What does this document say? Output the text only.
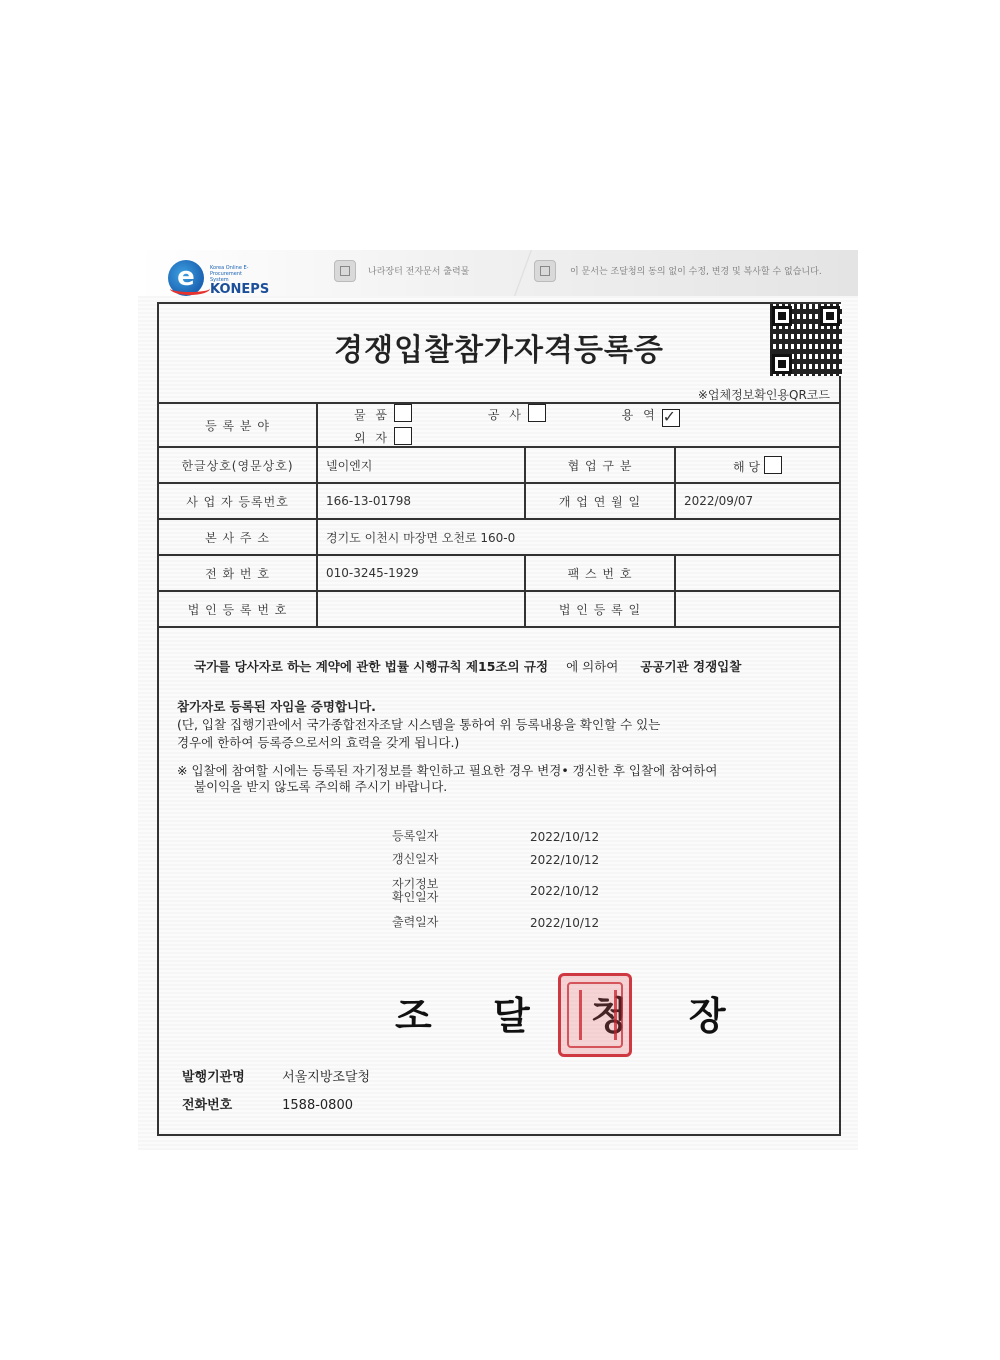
e	Korea Online E-Procurement System
KONEPS
나라장터 전자문서 출력물	이 문서는 조달청의 동의 없이 수정, 변경 및 복사할 수 없습니다.
경쟁입찰참가자격등록증
※업체정보확인용QR코드
등 록 분 야	물 품 공 사 용 역 ✓ 외 자		
한글상호(영문상호)	넬이엔지	협 업 구 분	해 당
사 업 자 등록번호	166-13-01798	개 업 연 월 일	2022/09/07
본 사 주 소	경기도 이천시 마장면 오천로 160-0		
전 화 번 호	010-3245-1929	팩 스 번 호	
법 인 등 록 번 호		법 인 등 록 일	
국가를 당사자로 하는 계약에 관한 법률 시행규칙 제15조의 규정 에 의하여 공공기관 경쟁입찰
참가자로 등록된 자임을 증명합니다.
(단, 입찰 집행기관에서 국가종합전자조달 시스템을 통하여 위 등록내용을 확인할 수 있는
경우에 한하여 등록증으로서의 효력을 갖게 됩니다.)
※ 입찰에 참여할 시에는 등록된 자기정보를 확인하고 필요한 경우 변경• 갱신한 후 입찰에 참여하여
불이익을 받지 않도록 주의해 주시기 바랍니다.
등록일자	2022/10/12
갱신일자	2022/10/12
자기정보
확인일자	2022/10/12
출력일자	2022/10/12
조 달 청 장
발행기관명	서울지방조달청
전화번호	1588-0800
